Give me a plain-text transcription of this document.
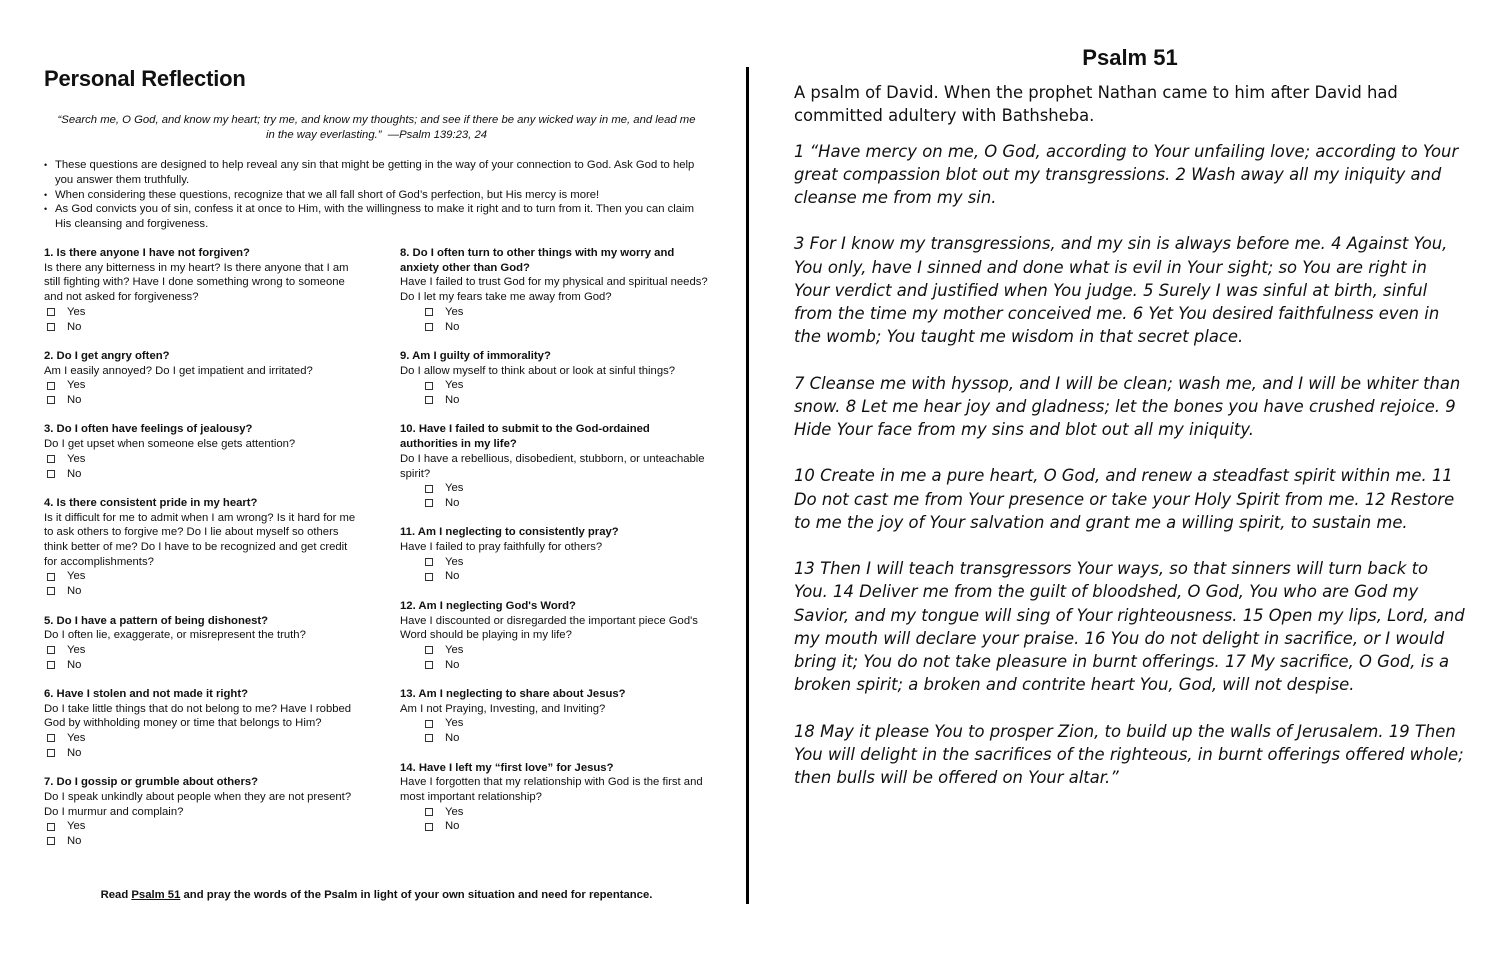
Personal Reflection
“Search me, O God, and know my heart; try me, and know my thoughts; and see if there be any wicked way in me, and lead me in the way everlasting.” —Psalm 139:23, 24
• These questions are designed to help reveal any sin that might be getting in the way of your connection to God. Ask God to help you answer them truthfully.
• When considering these questions, recognize that we all fall short of God’s perfection, but His mercy is more!
• As God convicts you of sin, confess it at once to Him, with the willingness to make it right and to turn from it. Then you can claim His cleansing and forgiveness.
1. Is there anyone I have not forgiven?
Is there any bitterness in my heart? Is there anyone that I am still fighting with? Have I done something wrong to someone and not asked for forgiveness?
Yes
No
2. Do I get angry often?
Am I easily annoyed? Do I get impatient and irritated?
Yes
No
3. Do I often have feelings of jealousy?
Do I get upset when someone else gets attention?
Yes
No
4. Is there consistent pride in my heart?
Is it difficult for me to admit when I am wrong? Is it hard for me to ask others to forgive me? Do I lie about myself so others think better of me? Do I have to be recognized and get credit for accomplishments?
Yes
No
5. Do I have a pattern of being dishonest?
Do I often lie, exaggerate, or misrepresent the truth?
Yes
No
6. Have I stolen and not made it right?
Do I take little things that do not belong to me? Have I robbed God by withholding money or time that belongs to Him?
Yes
No
7. Do I gossip or grumble about others?
Do I speak unkindly about people when they are not present? Do I murmur and complain?
Yes
No
8. Do I often turn to other things with my worry and anxiety other than God?
Have I failed to trust God for my physical and spiritual needs? Do I let my fears take me away from God?
Yes
No
9. Am I guilty of immorality?
Do I allow myself to think about or look at sinful things?
Yes
No
10. Have I failed to submit to the God-ordained authorities in my life?
Do I have a rebellious, disobedient, stubborn, or unteachable spirit?
Yes
No
11. Am I neglecting to consistently pray?
Have I failed to pray faithfully for others?
Yes
No
12. Am I neglecting God's Word?
Have I discounted or disregarded the important piece God's Word should be playing in my life?
Yes
No
13. Am I neglecting to share about Jesus?
Am I not Praying, Investing, and Inviting?
Yes
No
14. Have I left my “first love” for Jesus?
Have I forgotten that my relationship with God is the first and most important relationship?
Yes
No
Read Psalm 51 and pray the words of the Psalm in light of your own situation and need for repentance.
Psalm 51
A psalm of David. When the prophet Nathan came to him after David had committed adultery with Bathsheba.
1 “Have mercy on me, O God, according to Your unfailing love; according to Your great compassion blot out my transgressions. 2 Wash away all my iniquity and cleanse me from my sin.
3 For I know my transgressions, and my sin is always before me. 4 Against You, You only, have I sinned and done what is evil in Your sight; so You are right in Your verdict and justified when You judge. 5 Surely I was sinful at birth, sinful from the time my mother conceived me. 6 Yet You desired faithfulness even in the womb; You taught me wisdom in that secret place.
7 Cleanse me with hyssop, and I will be clean; wash me, and I will be whiter than snow. 8 Let me hear joy and gladness; let the bones you have crushed rejoice. 9 Hide Your face from my sins and blot out all my iniquity.
10 Create in me a pure heart, O God, and renew a steadfast spirit within me. 11 Do not cast me from Your presence or take your Holy Spirit from me. 12 Restore to me the joy of Your salvation and grant me a willing spirit, to sustain me.
13 Then I will teach transgressors Your ways, so that sinners will turn back to You. 14 Deliver me from the guilt of bloodshed, O God, You who are God my Savior, and my tongue will sing of Your righteousness. 15 Open my lips, Lord, and my mouth will declare your praise. 16 You do not delight in sacrifice, or I would bring it; You do not take pleasure in burnt offerings. 17 My sacrifice, O God, is a broken spirit; a broken and contrite heart You, God, will not despise.
18 May it please You to prosper Zion, to build up the walls of Jerusalem. 19 Then You will delight in the sacrifices of the righteous, in burnt offerings offered whole; then bulls will be offered on Your altar.”
